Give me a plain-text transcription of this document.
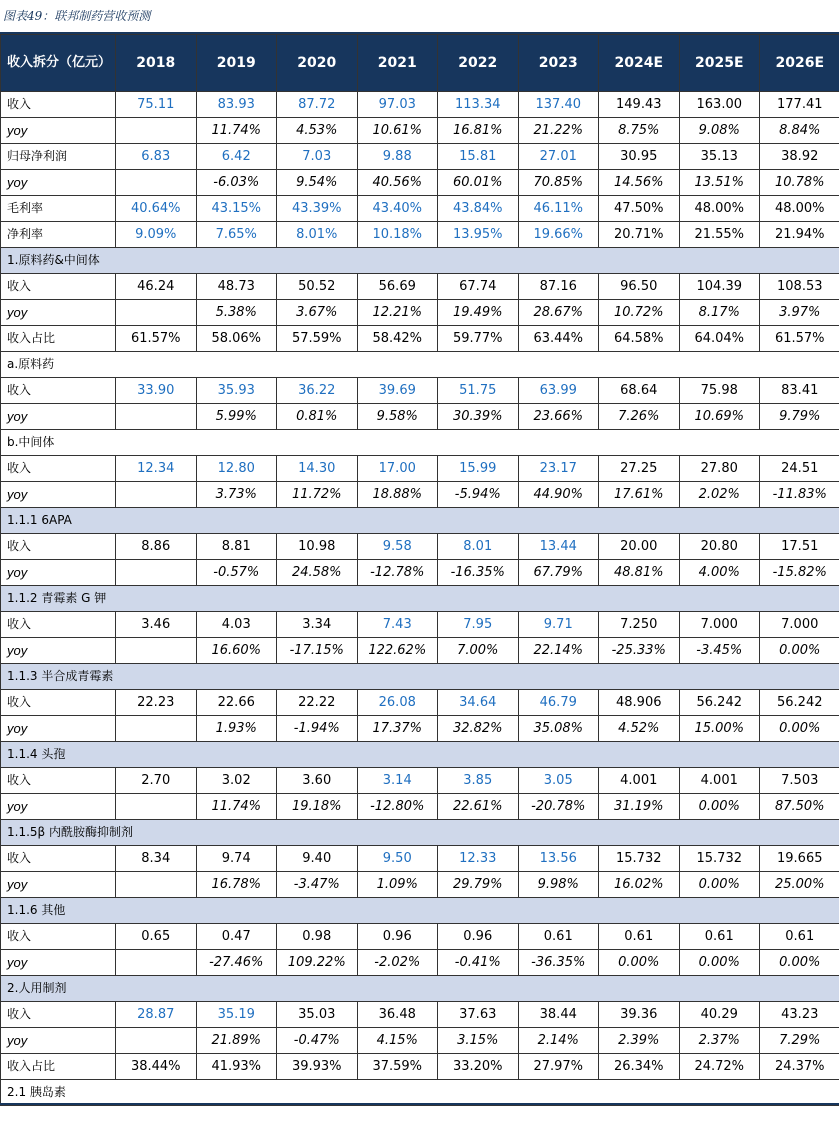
图表49：联邦制药营收预测
收入拆分（亿元）	2018	2019	2020	2021	2022	2023	2024E	2025E	2026E
收入	75.11	83.93	87.72	97.03	113.34	137.40	149.43	163.00	177.41
yoy		11.74%	4.53%	10.61%	16.81%	21.22%	8.75%	9.08%	8.84%
归母净利润	6.83	6.42	7.03	9.88	15.81	27.01	30.95	35.13	38.92
yoy		-6.03%	9.54%	40.56%	60.01%	70.85%	14.56%	13.51%	10.78%
毛利率	40.64%	43.15%	43.39%	43.40%	43.84%	46.11%	47.50%	48.00%	48.00%
净利率	9.09%	7.65%	8.01%	10.18%	13.95%	19.66%	20.71%	21.55%	21.94%
1.原料药&中间体									
收入	46.24	48.73	50.52	56.69	67.74	87.16	96.50	104.39	108.53
yoy		5.38%	3.67%	12.21%	19.49%	28.67%	10.72%	8.17%	3.97%
收入占比	61.57%	58.06%	57.59%	58.42%	59.77%	63.44%	64.58%	64.04%	61.57%
a.原料药									
收入	33.90	35.93	36.22	39.69	51.75	63.99	68.64	75.98	83.41
yoy		5.99%	0.81%	9.58%	30.39%	23.66%	7.26%	10.69%	9.79%
b.中间体									
收入	12.34	12.80	14.30	17.00	15.99	23.17	27.25	27.80	24.51
yoy		3.73%	11.72%	18.88%	-5.94%	44.90%	17.61%	2.02%	-11.83%
1.1.1 6APA									
收入	8.86	8.81	10.98	9.58	8.01	13.44	20.00	20.80	17.51
yoy		-0.57%	24.58%	-12.78%	-16.35%	67.79%	48.81%	4.00%	-15.82%
1.1.2 青霉素 G 钾									
收入	3.46	4.03	3.34	7.43	7.95	9.71	7.250	7.000	7.000
yoy		16.60%	-17.15%	122.62%	7.00%	22.14%	-25.33%	-3.45%	0.00%
1.1.3 半合成青霉素									
收入	22.23	22.66	22.22	26.08	34.64	46.79	48.906	56.242	56.242
yoy		1.93%	-1.94%	17.37%	32.82%	35.08%	4.52%	15.00%	0.00%
1.1.4 头孢									
收入	2.70	3.02	3.60	3.14	3.85	3.05	4.001	4.001	7.503
yoy		11.74%	19.18%	-12.80%	22.61%	-20.78%	31.19%	0.00%	87.50%
1.1.5β 内酰胺酶抑制剂									
收入	8.34	9.74	9.40	9.50	12.33	13.56	15.732	15.732	19.665
yoy		16.78%	-3.47%	1.09%	29.79%	9.98%	16.02%	0.00%	25.00%
1.1.6 其他									
收入	0.65	0.47	0.98	0.96	0.96	0.61	0.61	0.61	0.61
yoy		-27.46%	109.22%	-2.02%	-0.41%	-36.35%	0.00%	0.00%	0.00%
2.人用制剂									
收入	28.87	35.19	35.03	36.48	37.63	38.44	39.36	40.29	43.23
yoy		21.89%	-0.47%	4.15%	3.15%	2.14%	2.39%	2.37%	7.29%
收入占比	38.44%	41.93%	39.93%	37.59%	33.20%	27.97%	26.34%	24.72%	24.37%
2.1 胰岛素									
